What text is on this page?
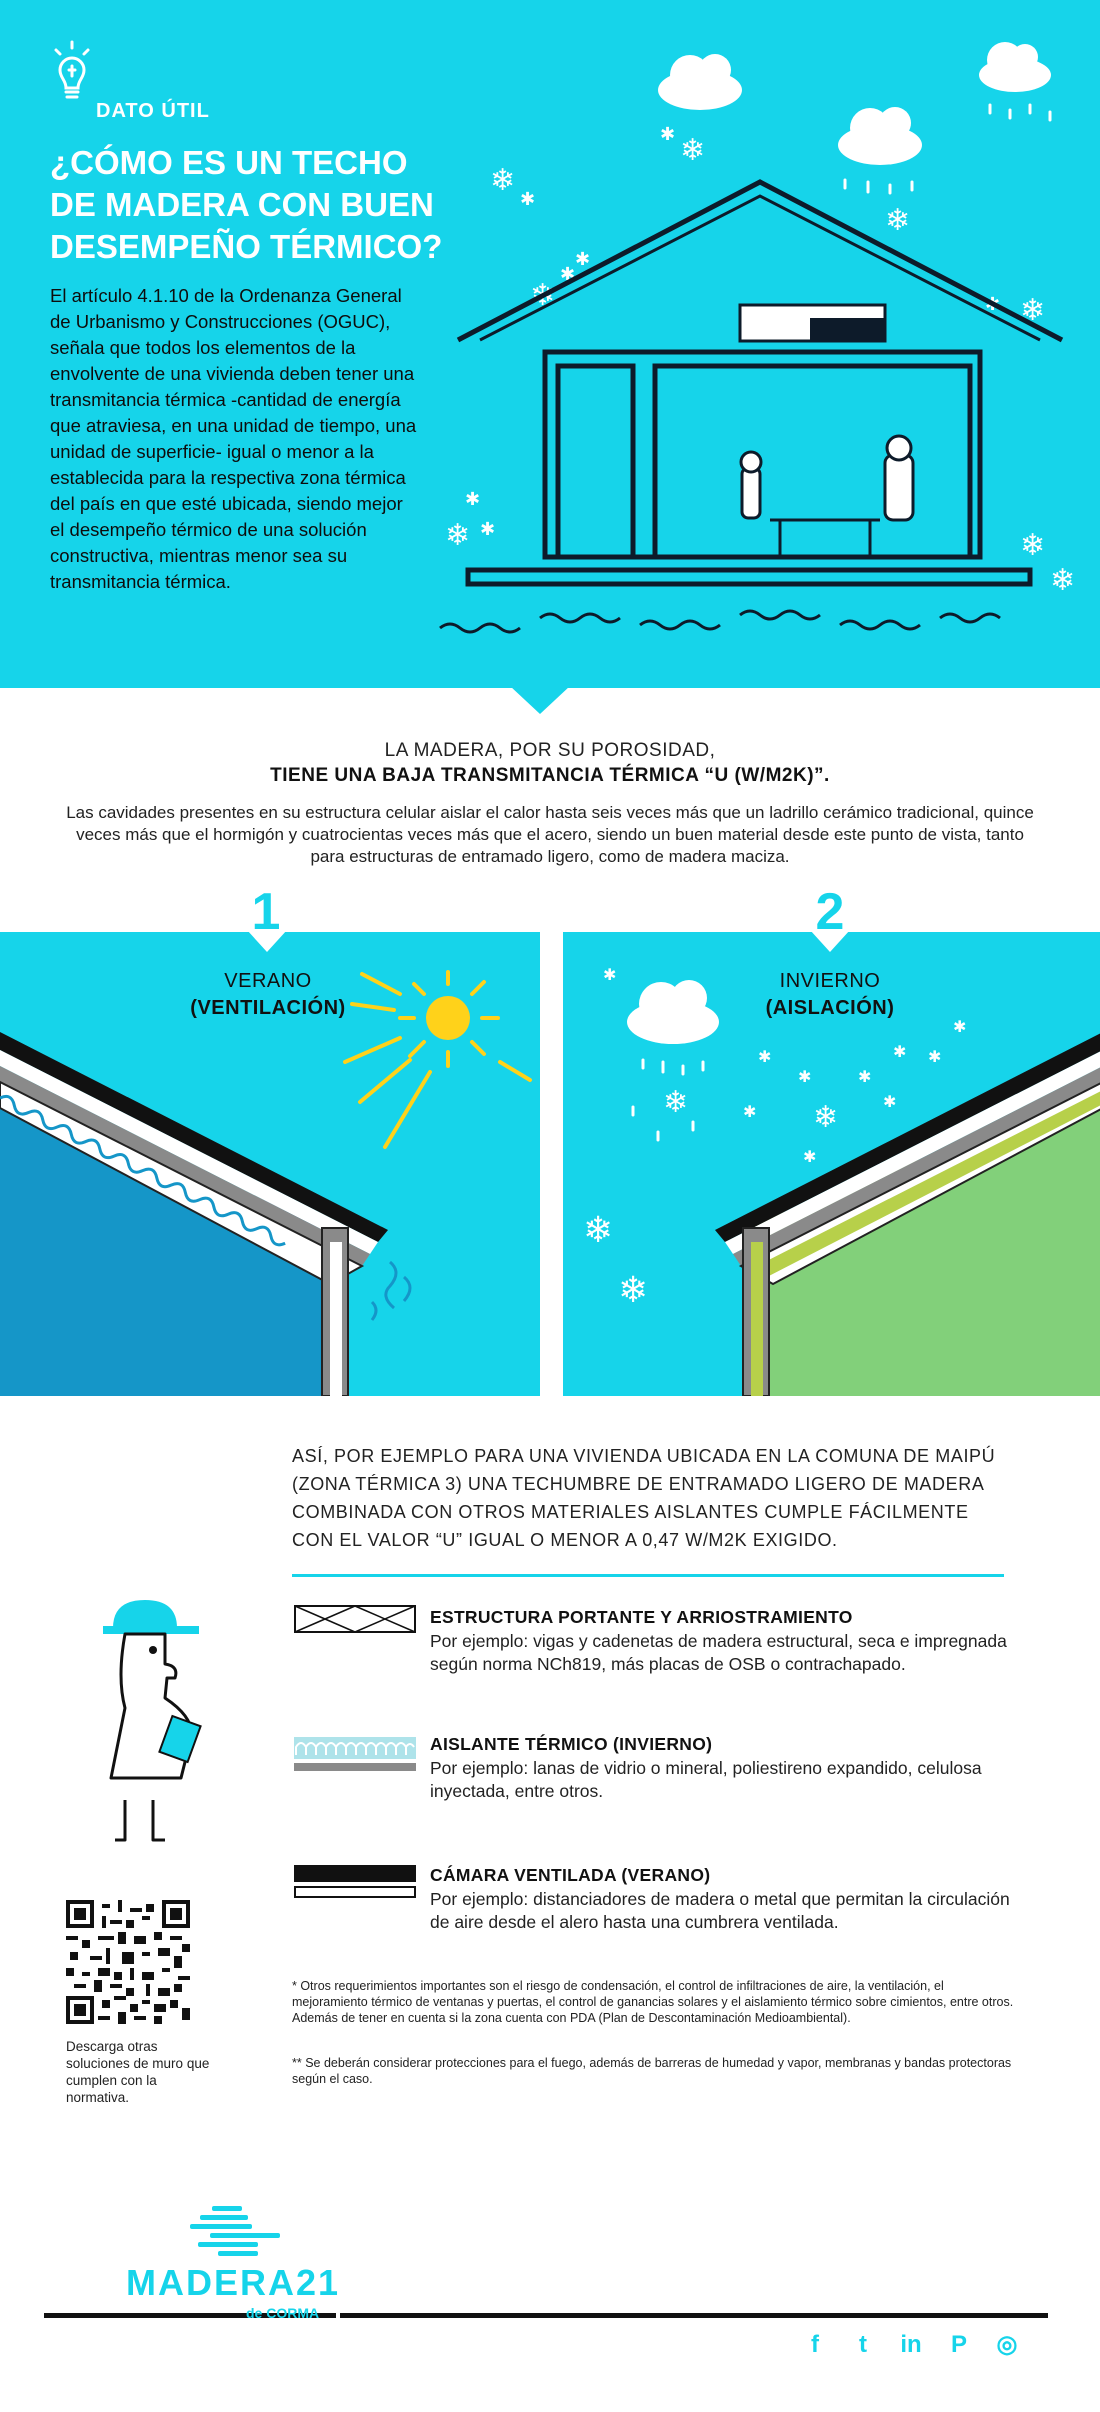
DATO ÚTIL
¿CÓMO ES UN TECHO
DE MADERA CON BUEN
DESEMPEÑO TÉRMICO?

El artículo 4.1.10 de la Ordenanza General de Urbanismo y Construcciones (OGUC), señala que todos los elementos de la envolvente de una vivienda deben tener una transmitancia térmica -cantidad de energía que atraviesa, en una unidad de tiempo, una unidad de superficie- igual o menor a la establecida para la respectiva zona térmica del país en que esté ubicada, siendo mejor el desempeño térmico de una solución constructiva, mientras menor sea su transmitancia térmica.

❄
❄
✱
❄
✱
✱
❄
❄
✱
❄
✱
✱	❄
❄
✱
LA MADERA, POR SU POROSIDAD,
TIENE UNA BAJA TRANSMITANCIA TÉRMICA “U (W/M2K)”.

Las cavidades presentes en su estructura celular aislar el calor hasta seis veces más que un ladrillo cerámico tradicional, quince veces más que el hormigón y cuatrocientas veces más que el acero, siendo un buen material desde este punto de vista, tanto para estructuras de entramado ligero, como de madera maciza.

✱
❄
✱
✱
❄
✱
✱ ✱
✱
✱
❄
❄
✱
✱
1	2
VERANO
(VENTILACIÓN)
INVIERNO
(AISLACIÓN)

ASÍ, POR EJEMPLO PARA UNA VIVIENDA UBICADA EN LA COMUNA DE MAIPÚ (ZONA TÉRMICA 3) UNA TECHUMBRE DE ENTRAMADO LIGERO DE MADERA COMBINADA CON OTROS MATERIALES AISLANTES CUMPLE FÁCILMENTE CON EL VALOR “U” IGUAL O MENOR A 0,47 W/M2K EXIGIDO.

ESTRUCTURA PORTANTE Y ARRIOSTRAMIENTO
Por ejemplo: vigas y cadenetas de madera estructural, seca e impregnada según norma NCh819, más placas de OSB o contrachapado.
AISLANTE TÉRMICO (INVIERNO)
Por ejemplo: lanas de vidrio o mineral, poliestireno expandido, celulosa inyectada, entre otros.
CÁMARA VENTILADA (VERANO)
Por ejemplo: distanciadores de madera o metal que permitan la circulación de aire desde el alero hasta una cumbrera ventilada.
Descarga otras soluciones de muro que cumplen con la normativa.

* Otros requerimientos importantes son el riesgo de condensación, el control de infiltraciones de aire, la ventilación, el mejoramiento térmico de ventanas y puertas, el control de ganancias solares y el aislamiento térmico sobre cimientos, entre otros. Además de tener en cuenta si la zona cuenta con PDA (Plan de Descontaminación Medioambiental).

** Se deberán considerar protecciones para el fuego, además de barreras de humedad y vapor, membranas y bandas protectoras según el caso.

MADERA21
de CORMA
f	t	in P ◎
